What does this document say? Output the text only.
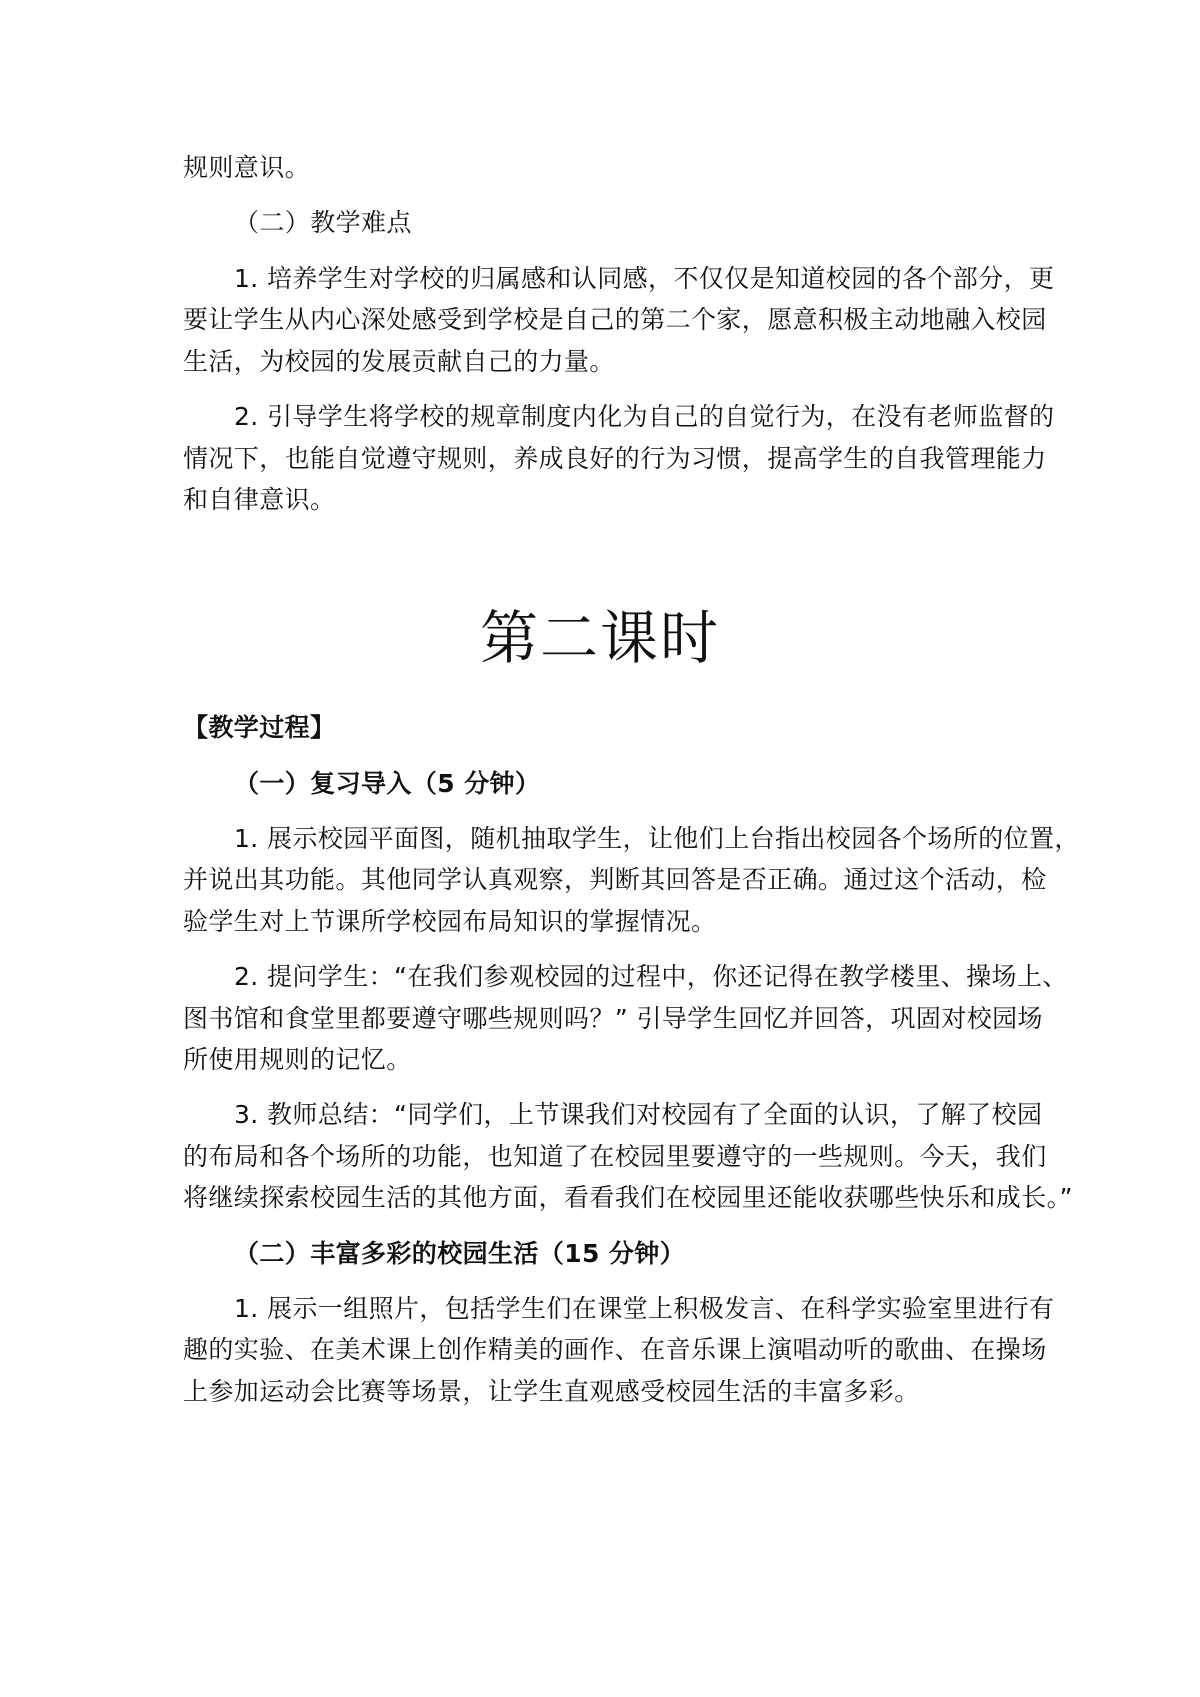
规则意识。

（二）教学难点

1. 培养学生对学校的归属感和认同感，不仅仅是知道校园的各个部分，更

要让学生从内心深处感受到学校是自己的第二个家，愿意积极主动地融入校园

生活，为校园的发展贡献自己的力量。

2. 引导学生将学校的规章制度内化为自己的自觉行为，在没有老师监督的

情况下，也能自觉遵守规则，养成良好的行为习惯，提高学生的自我管理能力

和自律意识。

第二课时

【教学过程】

（一）复习导入（5 分钟）

1. 展示校园平面图，随机抽取学生，让他们上台指出校园各个场所的位置，

并说出其功能。其他同学认真观察，判断其回答是否正确。通过这个活动，检

验学生对上节课所学校园布局知识的掌握情况。

2. 提问学生：“在我们参观校园的过程中，你还记得在教学楼里、操场上、

图书馆和食堂里都要遵守哪些规则吗？” 引导学生回忆并回答，巩固对校园场

所使用规则的记忆。

3. 教师总结：“同学们，上节课我们对校园有了全面的认识，了解了校园

的布局和各个场所的功能，也知道了在校园里要遵守的一些规则。今天，我们

将继续探索校园生活的其他方面，看看我们在校园里还能收获哪些快乐和成长。”

（二）丰富多彩的校园生活（15 分钟）

1. 展示一组照片，包括学生们在课堂上积极发言、在科学实验室里进行有

趣的实验、在美术课上创作精美的画作、在音乐课上演唱动听的歌曲、在操场

上参加运动会比赛等场景，让学生直观感受校园生活的丰富多彩。
